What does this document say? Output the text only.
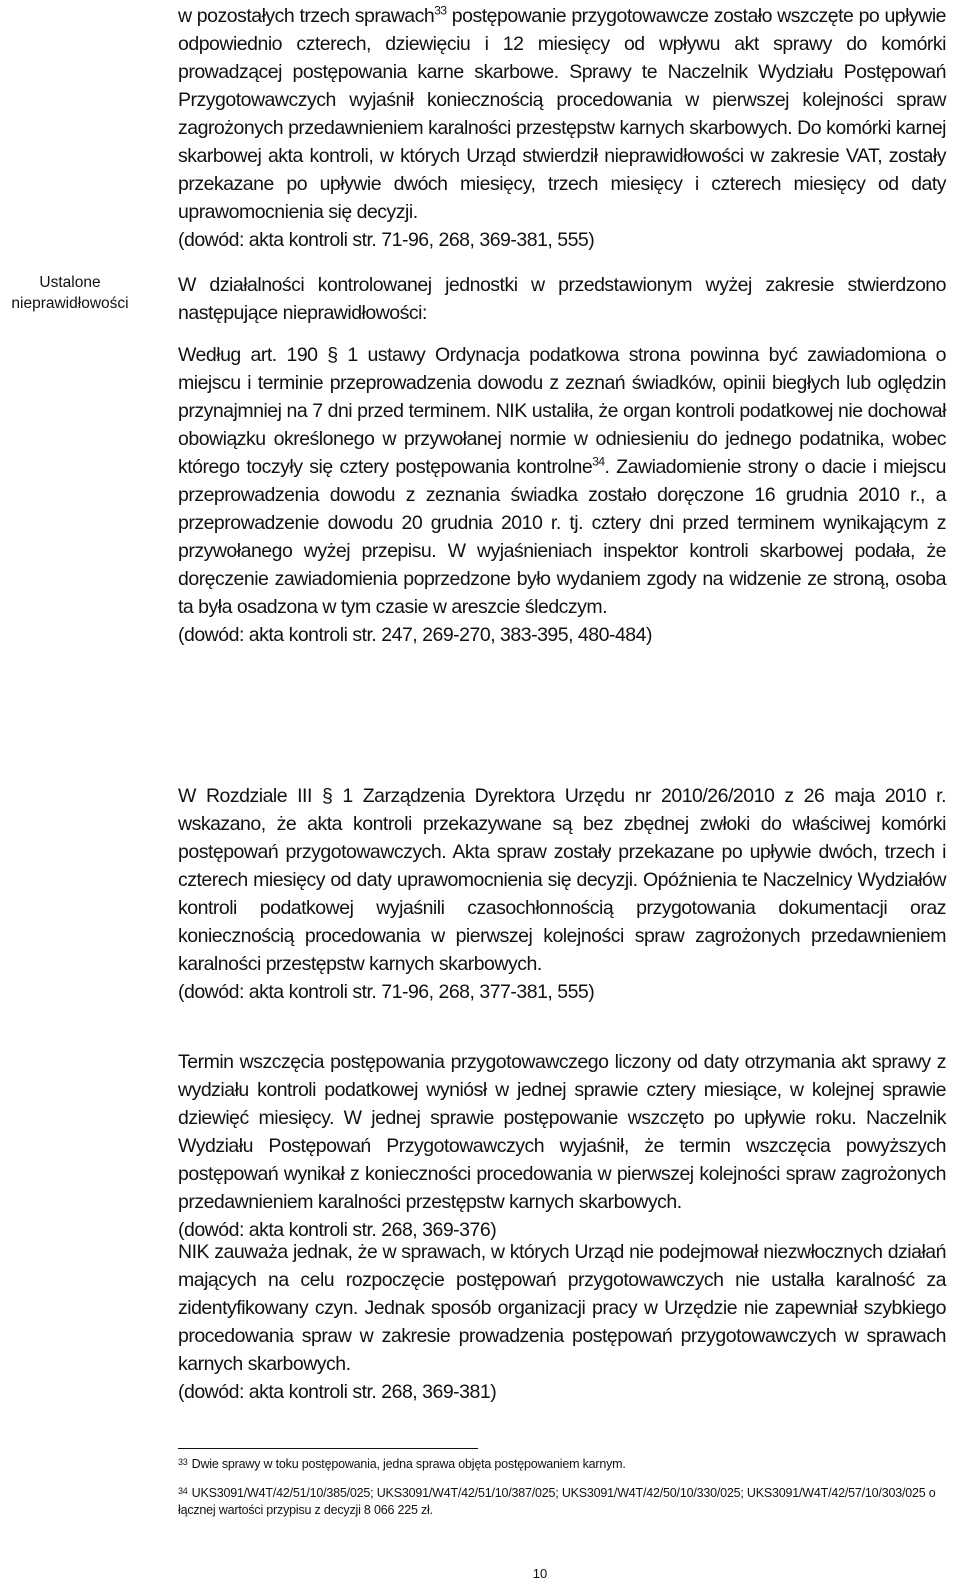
Ustalone
nieprawidłowości

w pozostałych trzech sprawach$^{33}$ postępowanie przygotowawcze zostało wszczęte po upływie odpowiednio czterech, dziewięciu i 12 miesięcy od wpływu akt sprawy do komórki prowadzącej postępowania karne skarbowe. Sprawy te Naczelnik Wydziału Postępowań Przygotowawczych wyjaśnił koniecznością procedowania w pierwszej kolejności spraw zagrożonych przedawnieniem karalności przestępstw karnych skarbowych. Do komórki karnej skarbowej akta kontroli, w których Urząd stwierdził nieprawidłowości w zakresie VAT, zostały przekazane po upływie dwóch miesięcy, trzech miesięcy i czterech miesięcy od daty uprawomocnienia się decyzji.

(dowód: akta kontroli str. 71-96, 268, 369-381, 555)

W działalności kontrolowanej jednostki w przedstawionym wyżej zakresie stwierdzono następujące nieprawidłowości:

Według art. 190 § 1 ustawy Ordynacja podatkowa strona powinna być zawiadomiona o miejscu i terminie przeprowadzenia dowodu z zeznań świadków, opinii biegłych lub oględzin przynajmniej na 7 dni przed terminem. NIK ustaliła, że organ kontroli podatkowej nie dochował obowiązku określonego w przywołanej normie w odniesieniu do jednego podatnika, wobec którego toczyły się cztery postępowania kontrolne$^{34}$. Zawiadomienie strony o dacie i miejscu przeprowadzenia dowodu z zeznania świadka zostało doręczone 16 grudnia 2010 r., a przeprowadzenie dowodu 20 grudnia 2010 r. tj. cztery dni przed terminem wynikającym z przywołanego wyżej przepisu. W wyjaśnieniach inspektor kontroli skarbowej podała, że doręczenie zawiadomienia poprzedzone było wydaniem zgody na widzenie ze stroną, osoba ta była osadzona w tym czasie w areszcie śledczym.

(dowód: akta kontroli str. 247, 269-270, 383-395, 480-484)

W Rozdziale III § 1 Zarządzenia Dyrektora Urzędu nr 2010/26/2010 z 26 maja 2010 r. wskazano, że akta kontroli przekazywane są bez zbędnej zwłoki do właściwej komórki postępowań przygotowawczych. Akta spraw zostały przekazane po upływie dwóch, trzech i czterech miesięcy od daty uprawomocnienia się decyzji. Opóźnienia te Naczelnicy Wydziałów kontroli podatkowej wyjaśnili czasochłonnością przygotowania dokumentacji oraz koniecznością procedowania w pierwszej kolejności spraw zagrożonych przedawnieniem karalności przestępstw karnych skarbowych.

(dowód: akta kontroli str. 71-96, 268, 377-381, 555)

Termin wszczęcia postępowania przygotowawczego liczony od daty otrzymania akt sprawy z wydziału kontroli podatkowej wyniósł w jednej sprawie cztery miesiące, w kolejnej sprawie dziewięć miesięcy. W jednej sprawie postępowanie wszczęto po upływie roku. Naczelnik Wydziału Postępowań Przygotowawczych wyjaśnił, że termin wszczęcia powyższych postępowań wynikał z konieczności procedowania w pierwszej kolejności spraw zagrożonych przedawnieniem karalności przestępstw karnych skarbowych.

(dowód: akta kontroli str. 268, 369-376)

NIK zauważa jednak, że w sprawach, w których Urząd nie podejmował niezwłocznych działań mających na celu rozpoczęcie postępowań przygotowawczych nie ustalła karalność za zidentyfikowany czyn. Jednak sposób organizacji pracy w Urzędzie nie zapewniał szybkiego procedowania spraw w zakresie prowadzenia postępowań przygotowawczych w sprawach karnych skarbowych.

(dowód: akta kontroli str. 268, 369-381)

$^{33}$ Dwie sprawy w toku postępowania, jedna sprawa objęta postępowaniem karnym.
$^{34}$ UKS3091/W4T/42/51/10/385/025; UKS3091/W4T/42/51/10/387/025; UKS3091/W4T/42/50/10/330/025; UKS3091/W4T/42/57/10/303/025 o łącznej wartości przypisu z decyzji 8 066 225 zł.
10
